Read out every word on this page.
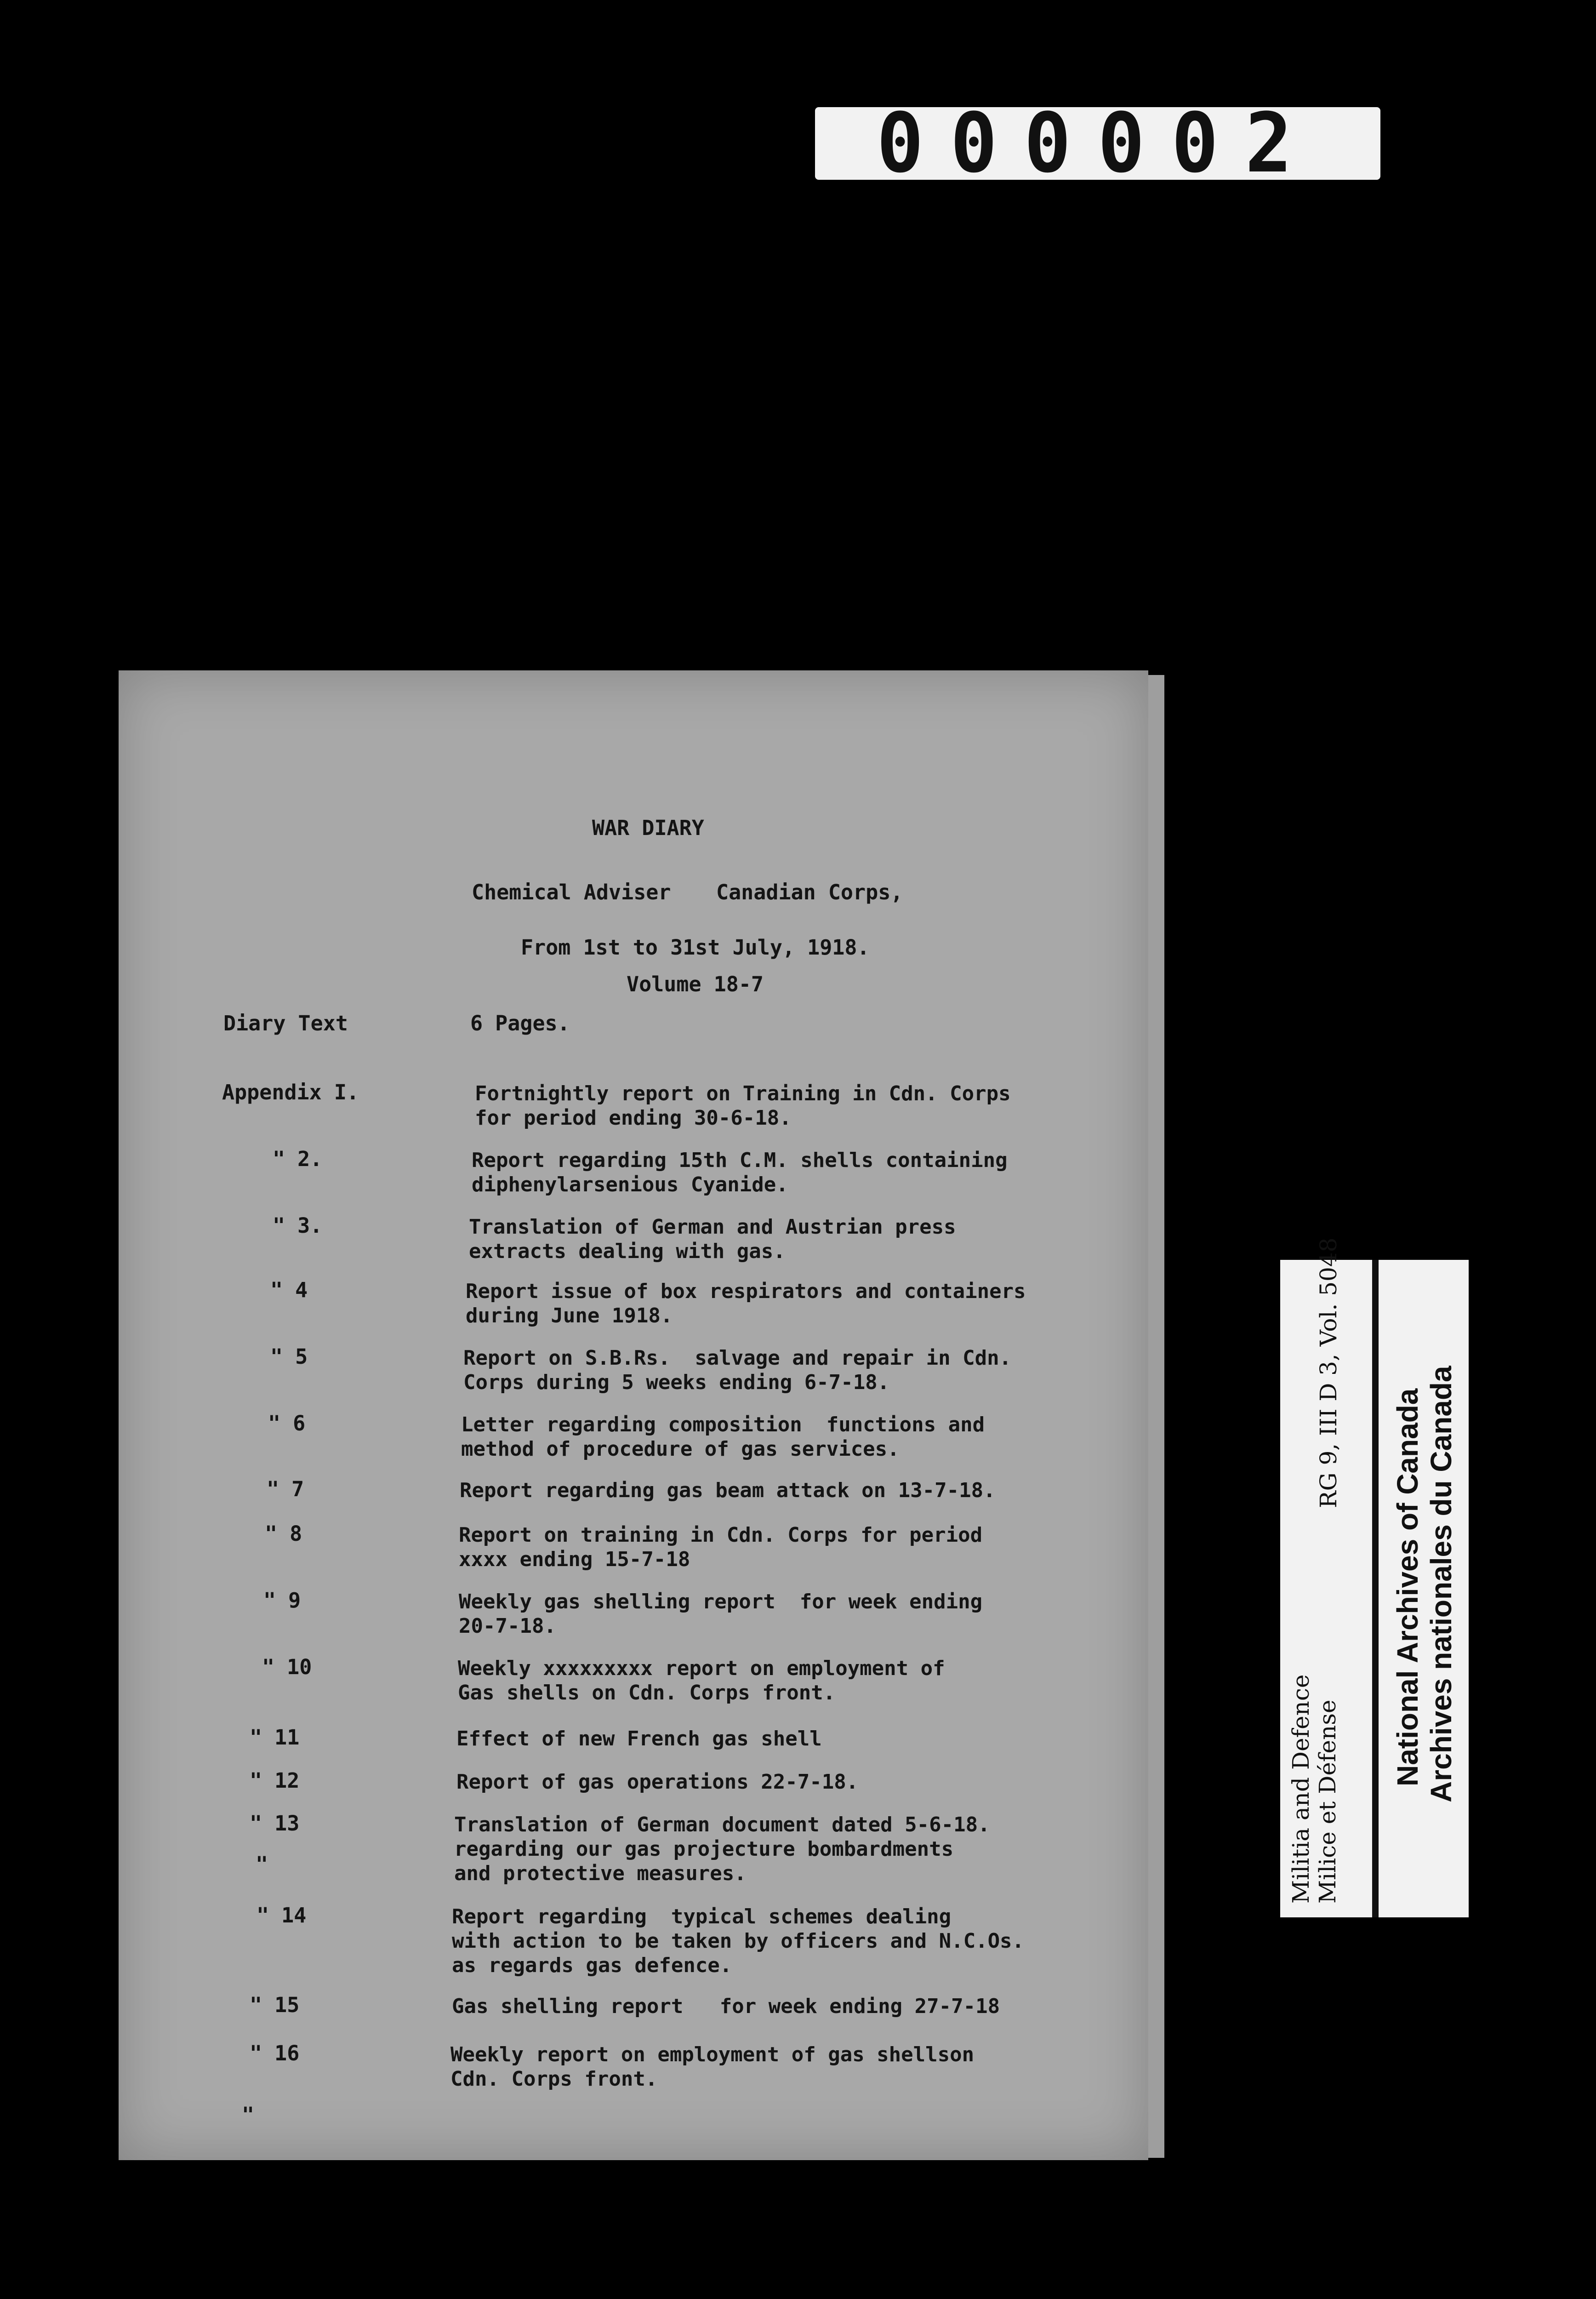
000002
WAR DIARY
Chemical Adviser Canadian Corps,
From 1st to 31st July, 1918.
Volume 18-7
Diary Text	6 Pages.
Appendix I.	Fortnightly report on Training in Cdn. Corps
for period ending 30-6-18.
" 2.	Report regarding 15th C.M. shells containing
diphenylarsenious Cyanide.
" 3.	Translation of German and Austrian press
extracts dealing with gas.
" 4	Report issue of box respirators and containers
during June 1918.
" 5	Report on S.B.Rs.  salvage and repair in Cdn.
Corps during 5 weeks ending 6-7-18.
" 6	Letter regarding composition  functions and
method of procedure of gas services.
" 7	Report regarding gas beam attack on 13-7-18.
" 8	Report on training in Cdn. Corps for period
xxxx ending 15-7-18
" 9	Weekly gas shelling report  for week ending
20-7-18.
" 10	Weekly xxxxxxxxx report on employment of
Gas shells on Cdn. Corps front.
" 11	Effect of new French gas shell
" 12	Report of gas operations 22-7-18.
" 13	Translation of German document dated 5-6-18.
regarding our gas projecture bombardments
and protective measures.
" 14	Report regarding  typical schemes dealing
with action to be taken by officers and N.C.Os.
as regards gas defence.
" 15	Gas shelling report   for week ending 27-7-18
" 16	Weekly report on employment of gas shellson
Cdn. Corps front.
"
"
Militia and Defence Milice et Défense
RG 9, III D 3, Vol. 5048
National Archives of Canada Archives nationales du Canada
